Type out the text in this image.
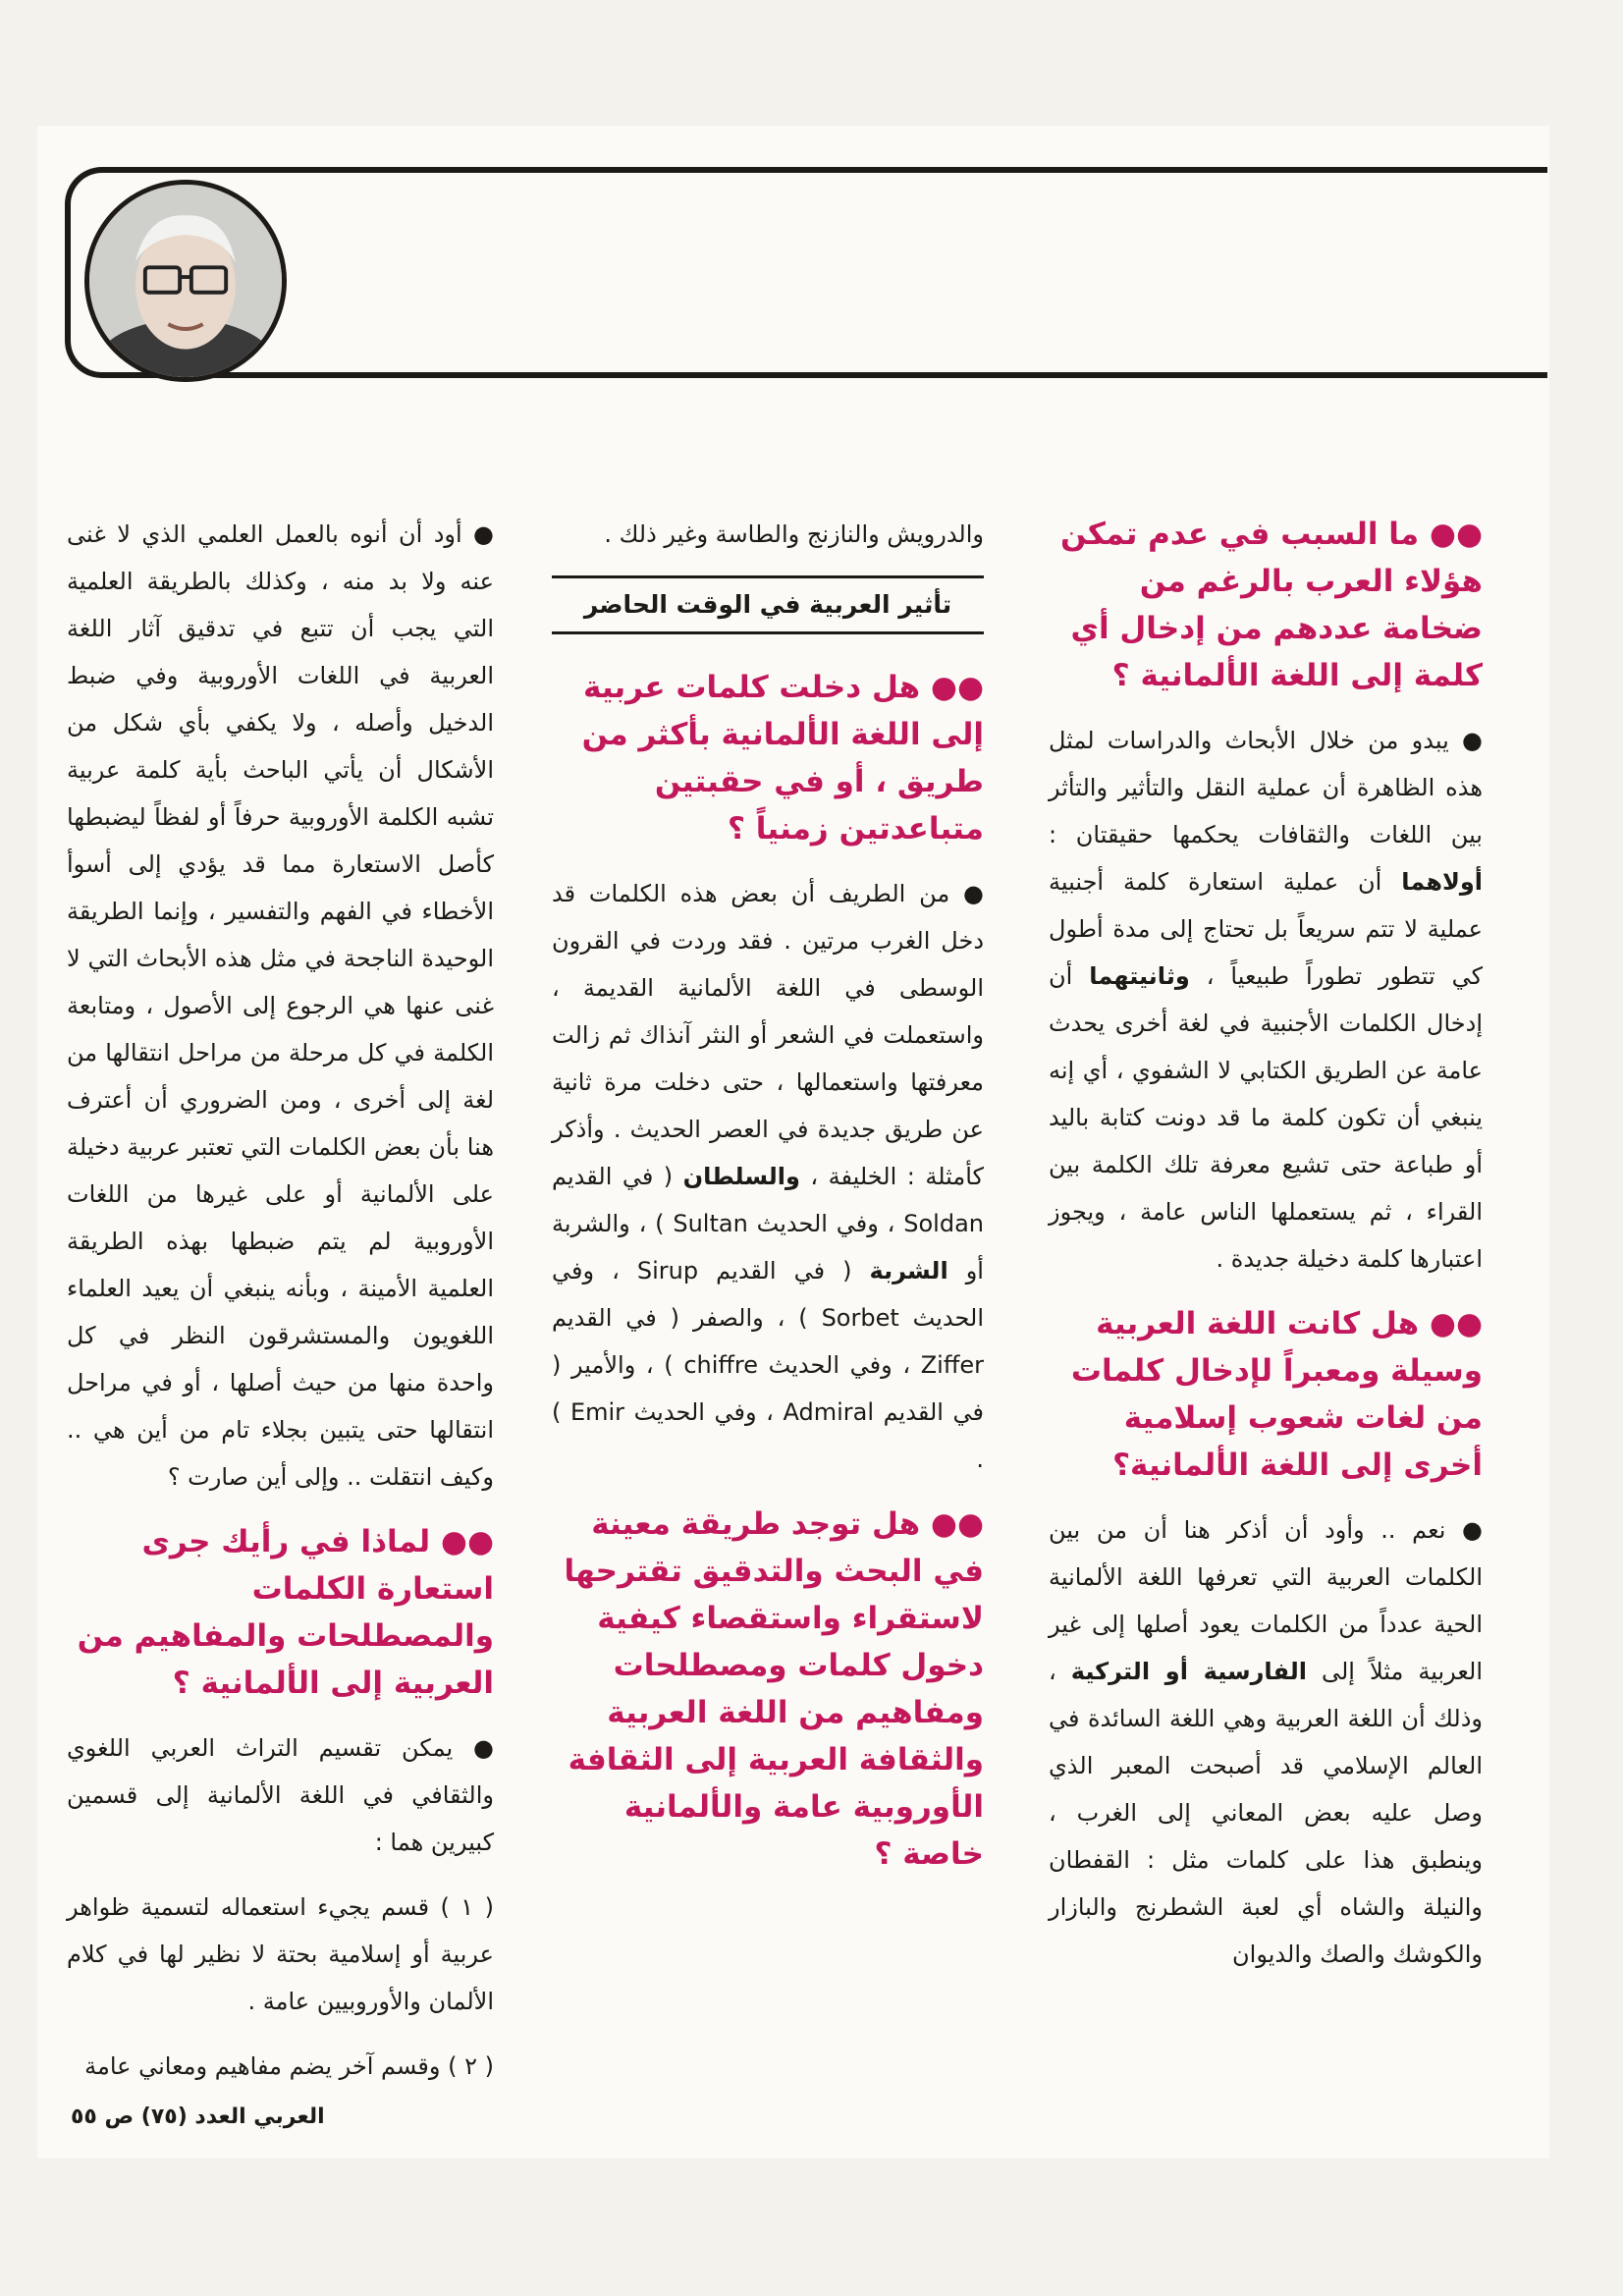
●● ما السبب في عدم تمكن هؤلاء العرب بالرغم من ضخامة عددهم من إدخال أي كلمة إلى اللغة الألمانية ؟

● يبدو من خلال الأبحاث والدراسات لمثل هذه الظاهرة أن عملية النقل والتأثير والتأثر بين اللغات والثقافات يحكمها حقيقتان : أولاهما أن عملية استعارة كلمة أجنبية عملية لا تتم سريعاً بل تحتاج إلى مدة أطول كي تتطور تطوراً طبيعياً ، وثانيتهما أن إدخال الكلمات الأجنبية في لغة أخرى يحدث عامة عن الطريق الكتابي لا الشفوي ، أي إنه ينبغي أن تكون كلمة ما قد دونت كتابة باليد أو طباعة حتى تشيع معرفة تلك الكلمة بين القراء ، ثم يستعملها الناس عامة ، ويجوز اعتبارها كلمة دخيلة جديدة .

●● هل كانت اللغة العربية وسيلة ومعبراً لإدخال كلمات من لغات شعوب إسلامية أخرى إلى اللغة الألمانية؟

● نعم .. وأود أن أذكر هنا أن من بين الكلمات العربية التي تعرفها اللغة الألمانية الحية عدداً من الكلمات يعود أصلها إلى غير العربية مثلاً إلى الفارسية أو التركية ، وذلك أن اللغة العربية وهي اللغة السائدة في العالم الإسلامي قد أصبحت المعبر الذي وصل عليه بعض المعاني إلى الغرب ، وينطبق هذا على كلمات مثل : القفطان والنيلة والشاه أي لعبة الشطرنج والبازار والكوشك والصك والديوان

والدرويش والنازنج والطاسة وغير ذلك .

تأثير العربية في الوقت الحاضر

●● هل دخلت كلمات عربية إلى اللغة الألمانية بأكثر من طريق ، أو في حقبتين متباعدتين زمنياً ؟

● من الطريف أن بعض هذه الكلمات قد دخل الغرب مرتين . فقد وردت في القرون الوسطى في اللغة الألمانية القديمة ، واستعملت في الشعر أو النثر آنذاك ثم زالت معرفتها واستعمالها ، حتى دخلت مرة ثانية عن طريق جديدة في العصر الحديث . وأذكر كأمثلة : الخليفة ، والسلطان ( في القديم Soldan ، وفي الحديث Sultan ) ، والشربة أو الشربة ( في القديم Sirup ، وفي الحديث Sorbet ) ، والصفر ( في القديم Ziffer ، وفي الحديث chiffre ) ، والأمير ( في القديم Admiral ، وفي الحديث Emir ) .

●● هل توجد طريقة معينة في البحث والتدقيق تقترحها لاستقراء واستقصاء كيفية دخول كلمات ومصطلحات ومفاهيم من اللغة العربية والثقافة العربية إلى الثقافة الأوروبية عامة والألمانية خاصة ؟

● أود أن أنوه بالعمل العلمي الذي لا غنى عنه ولا بد منه ، وكذلك بالطريقة العلمية التي يجب أن تتبع في تدقيق آثار اللغة العربية في اللغات الأوروبية وفي ضبط الدخيل وأصله ، ولا يكفي بأي شكل من الأشكال أن يأتي الباحث بأية كلمة عربية تشبه الكلمة الأوروبية حرفاً أو لفظاً ليضبطها كأصل الاستعارة مما قد يؤدي إلى أسوأ الأخطاء في الفهم والتفسير ، وإنما الطريقة الوحيدة الناجحة في مثل هذه الأبحاث التي لا غنى عنها هي الرجوع إلى الأصول ، ومتابعة الكلمة في كل مرحلة من مراحل انتقالها من لغة إلى أخرى ، ومن الضروري أن أعترف هنا بأن بعض الكلمات التي تعتبر عربية دخيلة على الألمانية أو على غيرها من اللغات الأوروبية لم يتم ضبطها بهذه الطريقة العلمية الأمينة ، وبأنه ينبغي أن يعيد العلماء اللغويون والمستشرقون النظر في كل واحدة منها من حيث أصلها ، أو في مراحل انتقالها حتى يتبين بجلاء تام من أين هي .. وكيف انتقلت .. وإلى أين صارت ؟

●● لماذا في رأيك جرى استعارة الكلمات والمصطلحات والمفاهيم من العربية إلى الألمانية ؟

● يمكن تقسيم التراث العربي اللغوي والثقافي في اللغة الألمانية إلى قسمين كبيرين هما :

( ١ ) قسم يجيء استعماله لتسمية ظواهر عربية أو إسلامية بحتة لا نظير لها في كلام الألمان والأوروبيين عامة .

( ٢ ) وقسم آخر يضم مفاهيم ومعاني عامة

العربي العدد (٧٥) ص ٥٥
